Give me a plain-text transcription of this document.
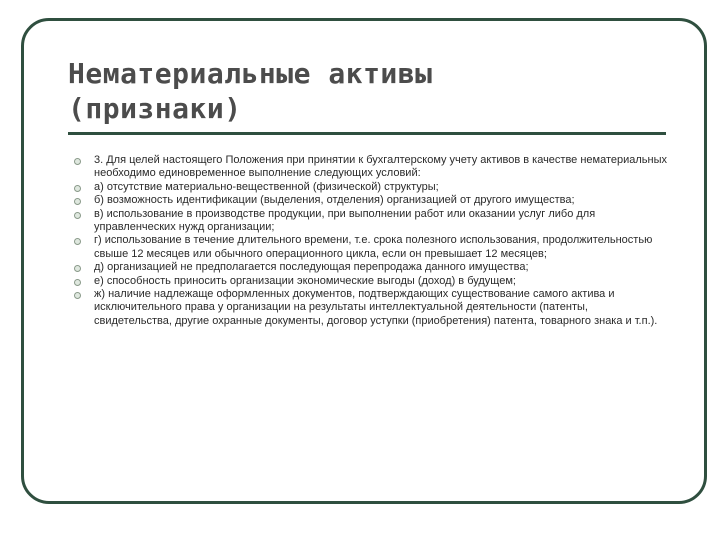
Нематериальные активы
(признаки)
3. Для целей настоящего Положения при принятии к бухгалтерскому учету активов в качестве нематериальных необходимо единовременное выполнение следующих условий:
а) отсутствие материально-вещественной (физической) структуры;
б) возможность идентификации (выделения, отделения) организацией от другого имущества;
в) использование в производстве продукции, при выполнении работ или оказании услуг либо для управленческих нужд организации;
г) использование в течение длительного времени, т.е. срока полезного использования, продолжительностью свыше 12 месяцев или обычного операционного цикла, если он превышает 12 месяцев;
д) организацией не предполагается последующая перепродажа данного имущества;
е) способность приносить организации экономические выгоды (доход) в будущем;
ж) наличие надлежаще оформленных документов, подтверждающих существование самого актива и исключительного права у организации на результаты интеллектуальной деятельности (патенты, свидетельства, другие охранные документы, договор уступки (приобретения) патента, товарного знака и т.п.).
